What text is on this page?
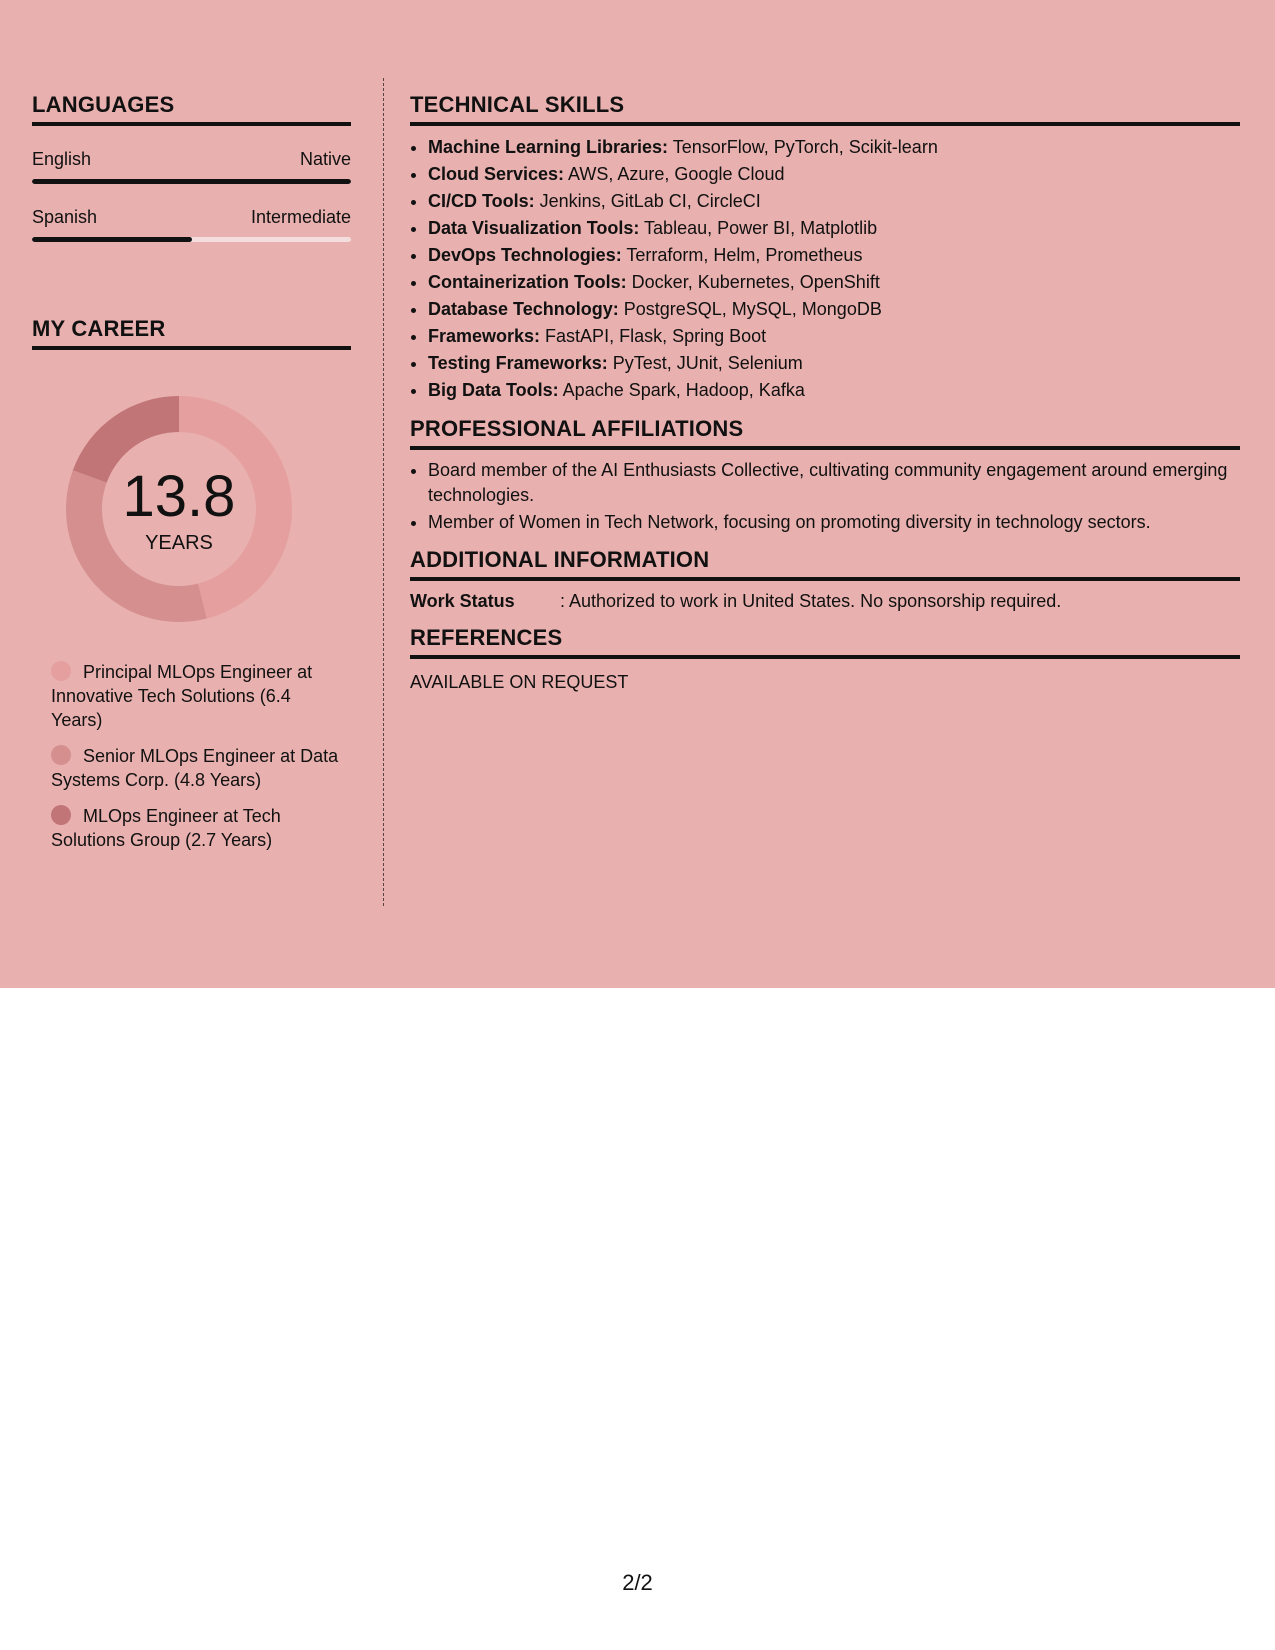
LANGUAGES
English	Native
Spanish	Intermediate
MY CAREER
13.8
YEARS
Principal MLOps Engineer at Innovative Tech Solutions (6.4 Years)
Senior MLOps Engineer at Data Systems Corp. (4.8 Years)
MLOps Engineer at Tech Solutions Group (2.7 Years)
TECHNICAL SKILLS
• Machine Learning Libraries: TensorFlow, PyTorch, Scikit-learn
• Cloud Services: AWS, Azure, Google Cloud
• CI/CD Tools: Jenkins, GitLab CI, CircleCI
• Data Visualization Tools: Tableau, Power BI, Matplotlib
• DevOps Technologies: Terraform, Helm, Prometheus
• Containerization Tools: Docker, Kubernetes, OpenShift
• Database Technology: PostgreSQL, MySQL, MongoDB
• Frameworks: FastAPI, Flask, Spring Boot
• Testing Frameworks: PyTest, JUnit, Selenium
• Big Data Tools: Apache Spark, Hadoop, Kafka
PROFESSIONAL AFFILIATIONS
• Board member of the AI Enthusiasts Collective, cultivating community engagement around emerging technologies.
• Member of Women in Tech Network, focusing on promoting diversity in technology sectors.
ADDITIONAL INFORMATION
Work Status	: Authorized to work in United States. No sponsorship required.
REFERENCES
AVAILABLE ON REQUEST
2/2
